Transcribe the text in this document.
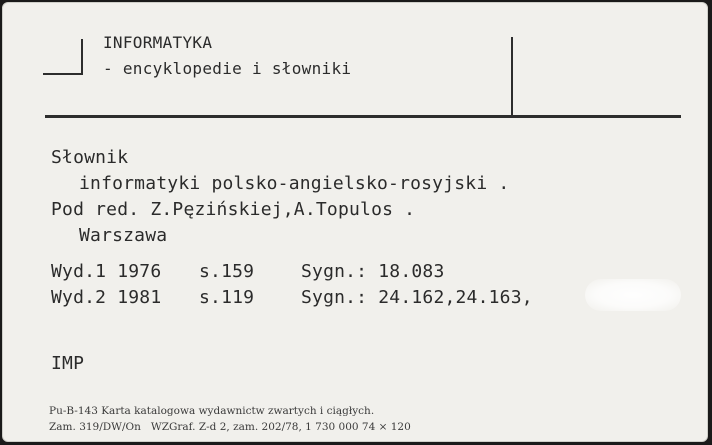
INFORMATYKA
- encyklopedie i słowniki
Słownik
informatyki polsko-angielsko-rosyjski .
Pod red. Z.Pęzińskiej,A.Topulos .
Warszawa
Wyd.1 1976 s.159	Sygn.: 18.083
Wyd.2 1981 s.119	Sygn.: 24.162,24.163,
IMP
Pu-B-143 Karta katalogowa wydawnictw zwartych i ciągłych.
Zam. 319/DW/On   WZGraf. Z-d 2, zam. 202/78, 1 730 000 74 × 120
